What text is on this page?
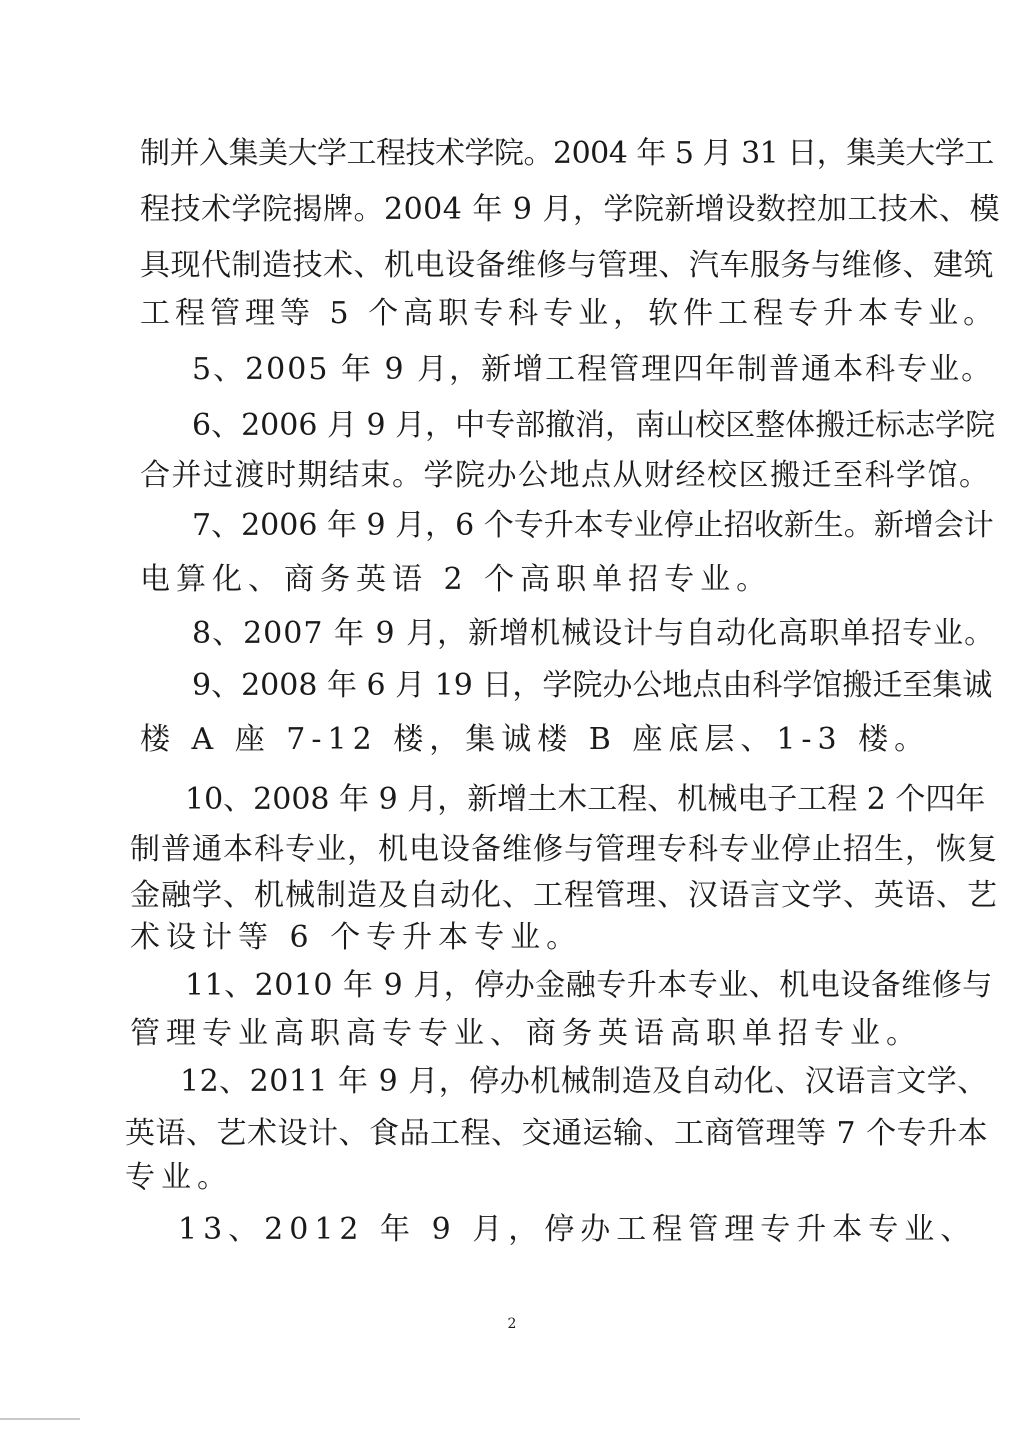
制并入集美大学工程技术学院。2004 年 5 月 31 日，集美大学工
程技术学院揭牌。2004 年 9 月，学院新增设数控加工技术、模
具现代制造技术、机电设备维修与管理、汽车服务与维修、建筑
工程管理等 5 个高职专科专业，软件工程专升本专业。
5、2005 年 9 月，新增工程管理四年制普通本科专业。
6、2006 月 9 月，中专部撤消，南山校区整体搬迁标志学院
合并过渡时期结束。学院办公地点从财经校区搬迁至科学馆。
7、2006 年 9 月，6 个专升本专业停止招收新生。新增会计
电算化、商务英语 2 个高职单招专业。
8、2007 年 9 月，新增机械设计与自动化高职单招专业。
9、2008 年 6 月 19 日，学院办公地点由科学馆搬迁至集诚
楼 A 座 7-12 楼，集诚楼 B 座底层、1-3 楼。
10、2008 年 9 月，新增土木工程、机械电子工程 2 个四年
制普通本科专业，机电设备维修与管理专科专业停止招生，恢复
金融学、机械制造及自动化、工程管理、汉语言文学、英语、艺
术设计等 6 个专升本专业。
11、2010 年 9 月，停办金融专升本专业、机电设备维修与
管理专业高职高专专业、商务英语高职单招专业。
12、2011 年 9 月，停办机械制造及自动化、汉语言文学、
英语、艺术设计、食品工程、交通运输、工商管理等 7 个专升本
专业。
13、2012 年 9 月，停办工程管理专升本专业、
2
